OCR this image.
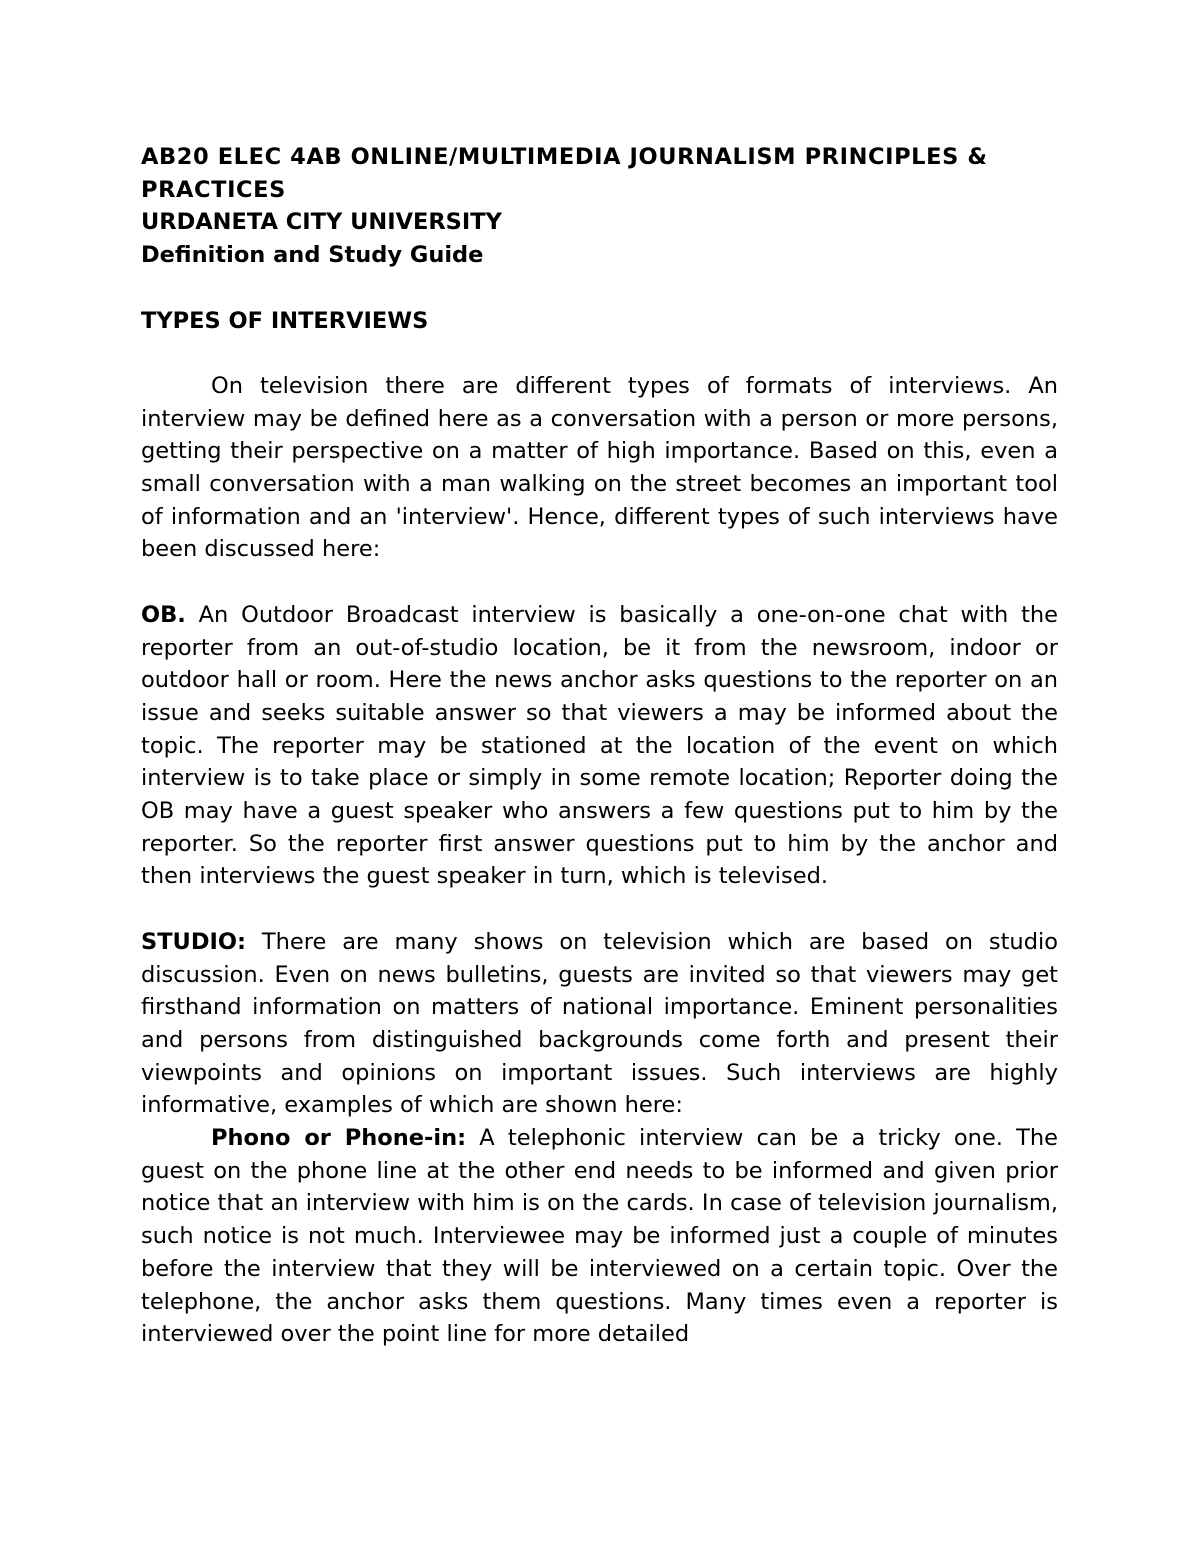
AB20 ELEC 4AB ONLINE/MULTIMEDIA JOURNALISM PRINCIPLES & PRACTICES

URDANETA CITY UNIVERSITY

Definition and Study Guide

TYPES OF INTERVIEWS

On television there are different types of formats of interviews. An interview may be defined here as a conversation with a person or more persons, getting their perspective on a matter of high importance. Based on this, even a small conversation with a man walking on the street becomes an important tool of information and an 'interview'. Hence, different types of such interviews have been discussed here:

OB. An Outdoor Broadcast interview is basically a one-on-one chat with the reporter from an out-of-studio location, be it from the newsroom, indoor or outdoor hall or room. Here the news anchor asks questions to the reporter on an issue and seeks suitable answer so that viewers a may be informed about the topic. The reporter may be stationed at the location of the event on which interview is to take place or simply in some remote location; Reporter doing the OB may have a guest speaker who answers a few questions put to him by the reporter. So the reporter first answer questions put to him by the anchor and then interviews the guest speaker in turn, which is televised.

STUDIO: There are many shows on television which are based on studio discussion. Even on news bulletins, guests are invited so that viewers may get firsthand information on matters of national importance. Eminent personalities and persons from distinguished backgrounds come forth and present their viewpoints and opinions on important issues. Such interviews are highly informative, examples of which are shown here:

Phono or Phone-in: A telephonic interview can be a tricky one. The guest on the phone line at the other end needs to be informed and given prior notice that an interview with him is on the cards. In case of television journalism, such notice is not much. Interviewee may be informed just a couple of minutes before the interview that they will be interviewed on a certain topic. Over the telephone, the anchor asks them questions. Many times even a reporter is interviewed over the point line for more detailed
